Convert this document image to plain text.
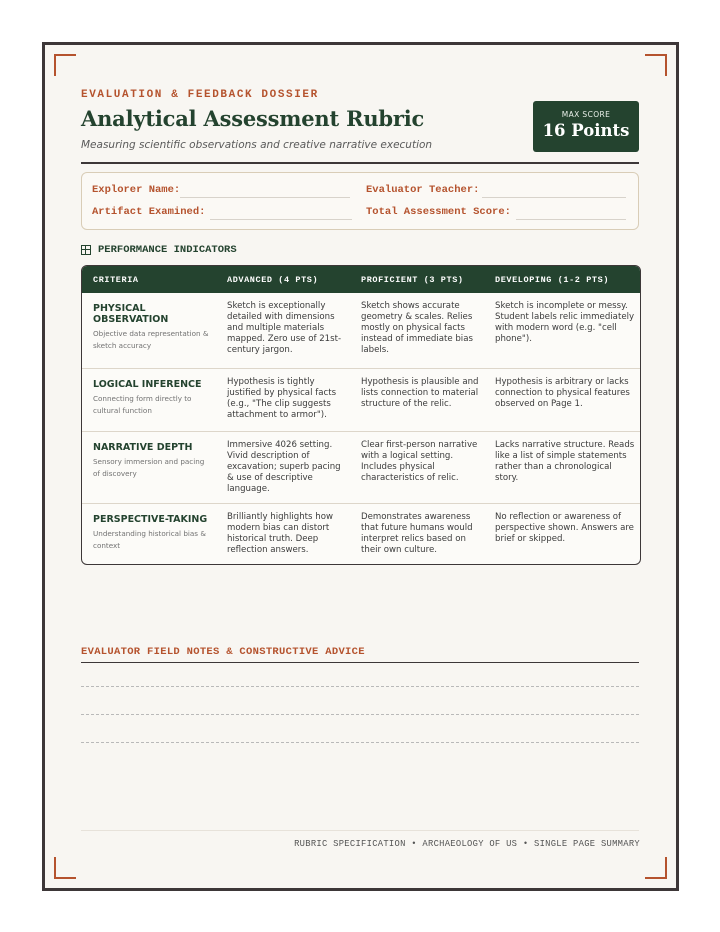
EVALUATION & FEEDBACK DOSSIER
Analytical Assessment Rubric
Measuring scientific observations and creative narrative execution
MAX SCORE
16 Points
Explorer Name:	Evaluator Teacher:
Artifact Examined:	Total Assessment Score:
PERFORMANCE INDICATORS
CRITERIA	ADVANCED (4 PTS)	PROFICIENT (3 PTS)	DEVELOPING (1-2 PTS)

PHYSICAL OBSERVATION
Objective data representation & sketch accuracy	Sketch is exceptionally detailed with dimensions and multiple materials mapped. Zero use of 21st-century jargon.	Sketch shows accurate geometry & scales. Relies mostly on physical facts instead of immediate bias labels.	Sketch is incomplete or messy. Student labels relic immediately with modern word (e.g. "cell phone").

LOGICAL INFERENCE
Connecting form directly to cultural function	Hypothesis is tightly justified by physical facts (e.g., "The clip suggests attachment to armor").	Hypothesis is plausible and lists connection to material structure of the relic.	Hypothesis is arbitrary or lacks connection to physical features observed on Page 1.

NARRATIVE DEPTH
Sensory immersion and pacing of discovery	Immersive 4026 setting. Vivid description of excavation; superb pacing & use of descriptive language.	Clear first-person narrative with a logical setting. Includes physical characteristics of relic.	Lacks narrative structure. Reads like a list of simple statements rather than a chronological story.

PERSPECTIVE-TAKING
Understanding historical bias & context	Brilliantly highlights how modern bias can distort historical truth. Deep reflection answers.	Demonstrates awareness that future humans would interpret relics based on their own culture.	No reflection or awareness of perspective shown. Answers are brief or skipped.
EVALUATOR FIELD NOTES & CONSTRUCTIVE ADVICE
RUBRIC SPECIFICATION • ARCHAEOLOGY OF US • SINGLE PAGE SUMMARY
